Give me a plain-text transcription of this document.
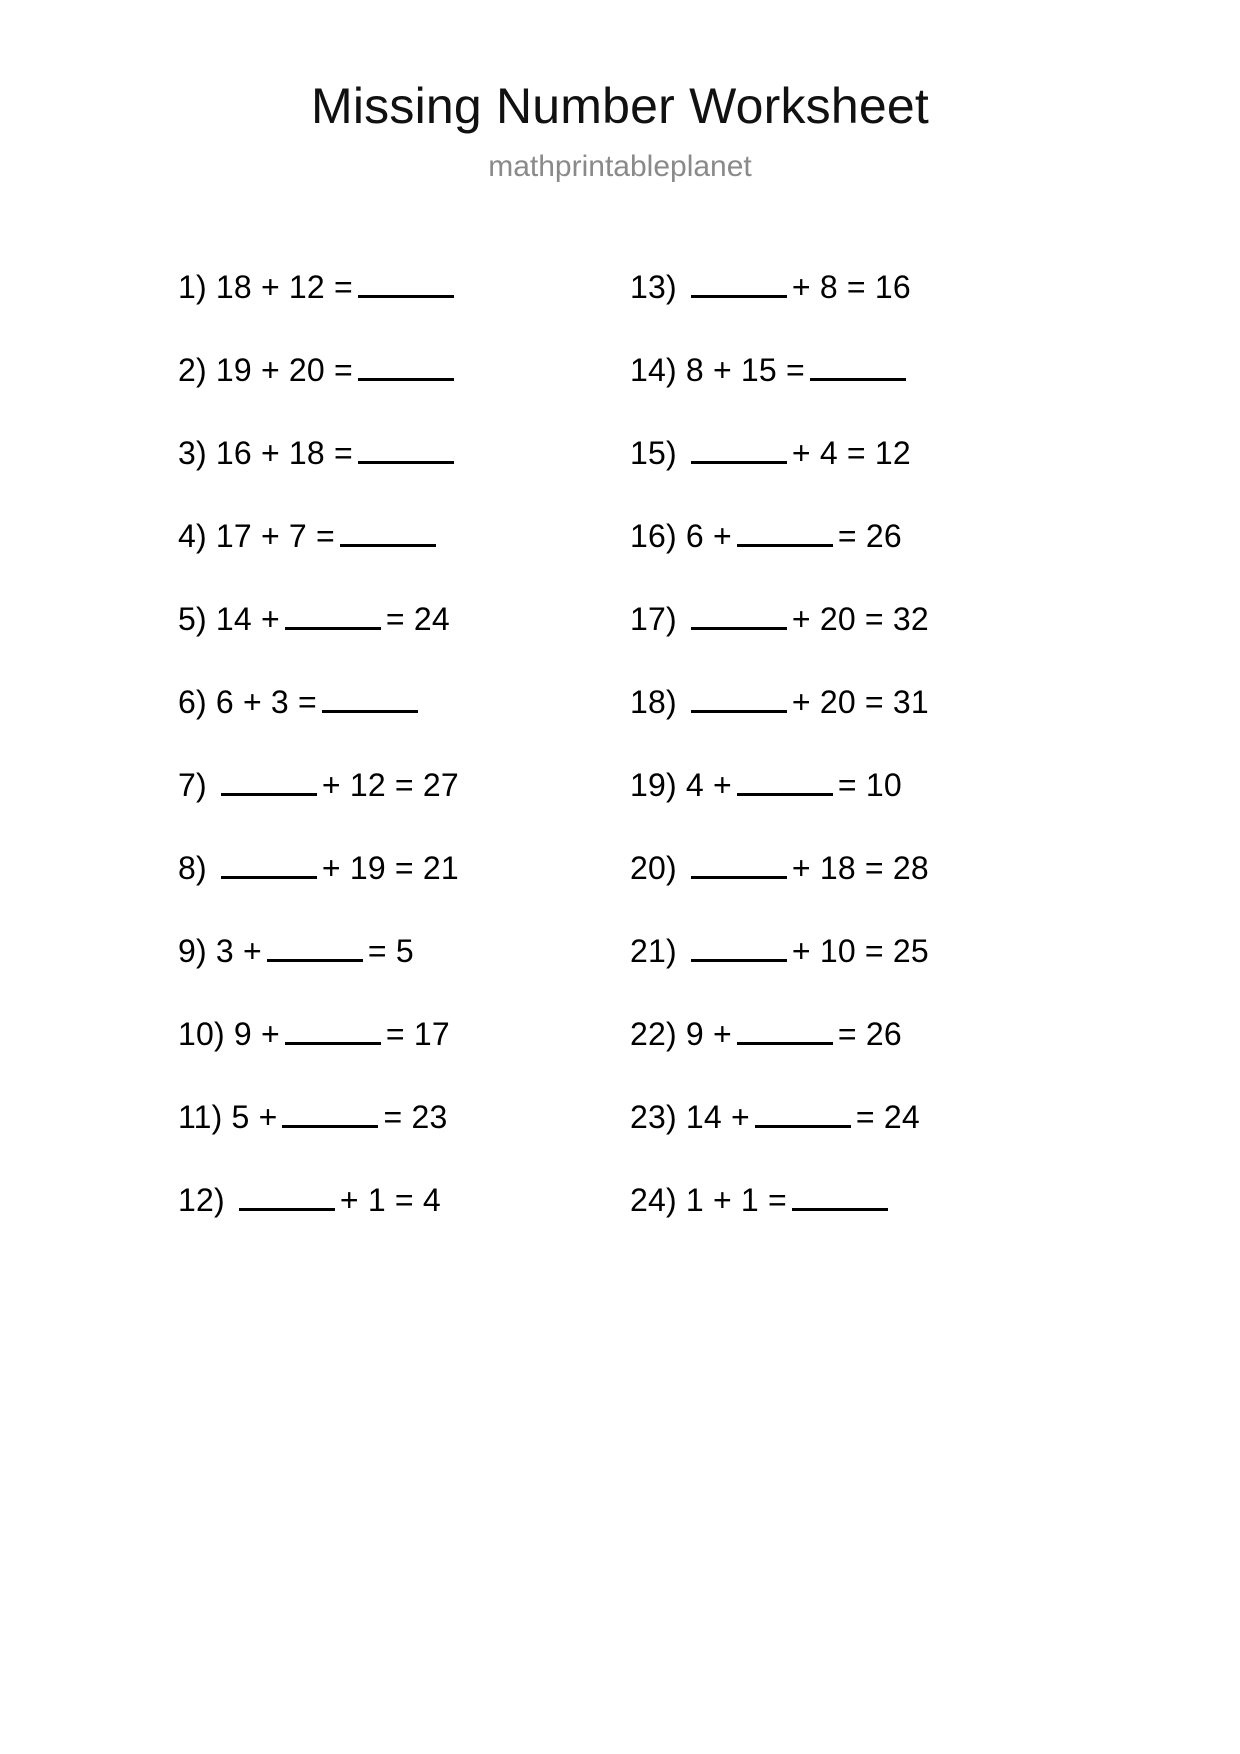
Missing Number Worksheet

mathprintableplanet

1) 18 + 12 =
2) 19 + 20 =
3) 16 + 18 =
4) 17 + 7 =
5) 14 +	= 24
6) 6 + 3 =
7)	+ 12 = 27
8)	+ 19 = 21
9) 3 +	= 5
10) 9 +	= 17
11) 5 +	= 23
12)	+ 1 = 4
13)	+ 8 = 16
14) 8 + 15 =
15)	+ 4 = 12
16) 6 +	= 26
17)	+ 20 = 32
18)	+ 20 = 31
19) 4 +	= 10
20)	+ 18 = 28
21)	+ 10 = 25
22) 9 +	= 26
23) 14 +	= 24
24) 1 + 1 =
